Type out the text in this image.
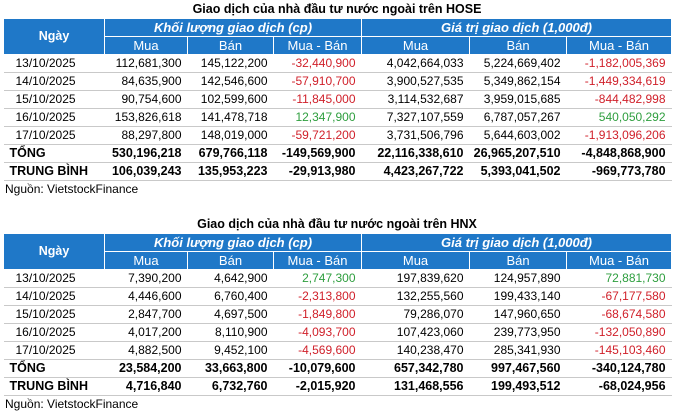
Giao dịch của nhà đầu tư nước ngoài trên HOSE
Ngày	Khối lượng giao dịch (cp)			Giá trị giao dịch (1,000đ)		
	Mua	Bán	Mua - Bán	Mua	Bán	Mua - Bán
13/10/2025	112,681,300	145,122,200	-32,440,900	4,042,664,033	5,224,669,402	-1,182,005,369
14/10/2025	84,635,900	142,546,600	-57,910,700	3,900,527,535	5,349,862,154	-1,449,334,619
15/10/2025	90,754,600	102,599,600	-11,845,000	3,114,532,687	3,959,015,685	-844,482,998
16/10/2025	153,826,618	141,478,718	12,347,900	7,327,107,559	6,787,057,267	540,050,292
17/10/2025	88,297,800	148,019,000	-59,721,200	3,731,506,796	5,644,603,002	-1,913,096,206
TỔNG	530,196,218	679,766,118	-149,569,900	22,116,338,610	26,965,207,510	-4,848,868,900
TRUNG BÌNH	106,039,243	135,953,223	-29,913,980	4,423,267,722	5,393,041,502	-969,773,780
Nguồn: VietstockFinance
Giao dịch của nhà đầu tư nước ngoài trên HNX
Ngày	Khối lượng giao dịch (cp)			Giá trị giao dịch (1,000đ)		
	Mua	Bán	Mua - Bán	Mua	Bán	Mua - Bán
13/10/2025	7,390,200	4,642,900	2,747,300	197,839,620	124,957,890	72,881,730
14/10/2025	4,446,600	6,760,400	-2,313,800	132,255,560	199,433,140	-67,177,580
15/10/2025	2,847,700	4,697,500	-1,849,800	79,286,070	147,960,650	-68,674,580
16/10/2025	4,017,200	8,110,900	-4,093,700	107,423,060	239,773,950	-132,050,890
17/10/2025	4,882,500	9,452,100	-4,569,600	140,238,470	285,341,930	-145,103,460
TỔNG	23,584,200	33,663,800	-10,079,600	657,342,780	997,467,560	-340,124,780
TRUNG BÌNH	4,716,840	6,732,760	-2,015,920	131,468,556	199,493,512	-68,024,956
Nguồn: VietstockFinance
